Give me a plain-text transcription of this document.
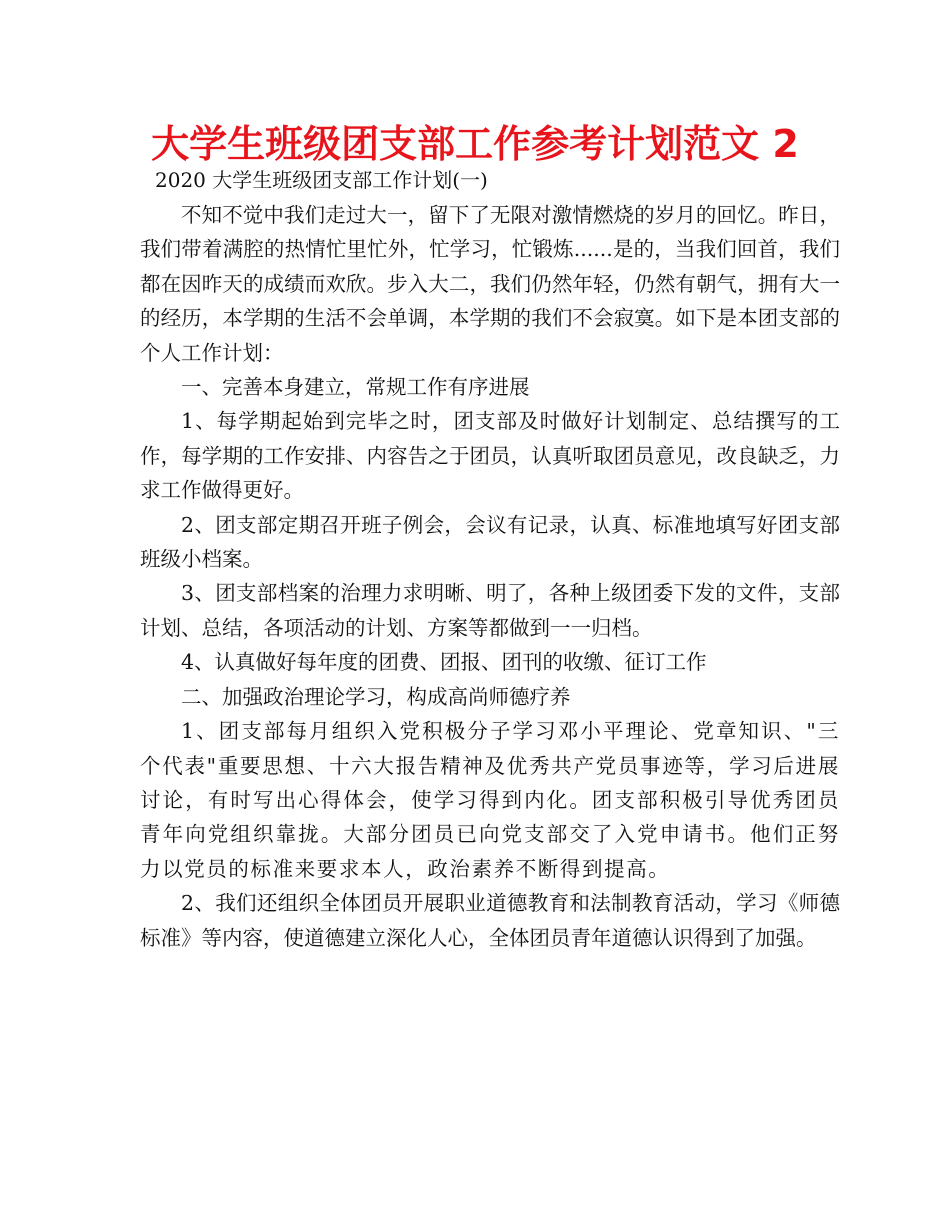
大学生班级团支部工作参考计划范文 2
2020 大学生班级团支部工作计划(一)

不知不觉中我们走过大一，留下了无限对激情燃烧的岁月的回忆。昨日，我们带着满腔的热情忙里忙外，忙学习，忙锻炼......是的，当我们回首，我们都在因昨天的成绩而欢欣。步入大二，我们仍然年轻，仍然有朝气，拥有大一的经历，本学期的生活不会单调，本学期的我们不会寂寞。如下是本团支部的个人工作计划：

一、完善本身建立，常规工作有序进展

1、每学期起始到完毕之时，团支部及时做好计划制定、总结撰写的工作，每学期的工作安排、内容告之于团员，认真听取团员意见，改良缺乏，力求工作做得更好。

2、团支部定期召开班子例会，会议有记录，认真、标准地填写好团支部班级小档案。

3、团支部档案的治理力求明晰、明了，各种上级团委下发的文件，支部计划、总结，各项活动的计划、方案等都做到一一归档。

4、认真做好每年度的团费、团报、团刊的收缴、征订工作

二、加强政治理论学习，构成高尚师德疗养

1、团支部每月组织入党积极分子学习邓小平理论、党章知识、"三个代表"重要思想、十六大报告精神及优秀共产党员事迹等，学习后进展讨论，有时写出心得体会，使学习得到内化。团支部积极引导优秀团员青年向党组织靠拢。大部分团员已向党支部交了入党申请书。他们正努力以党员的标准来要求本人，政治素养不断得到提高。

2、我们还组织全体团员开展职业道德教育和法制教育活动，学习《师德标准》等内容，使道德建立深化人心，全体团员青年道德认识得到了加强。
